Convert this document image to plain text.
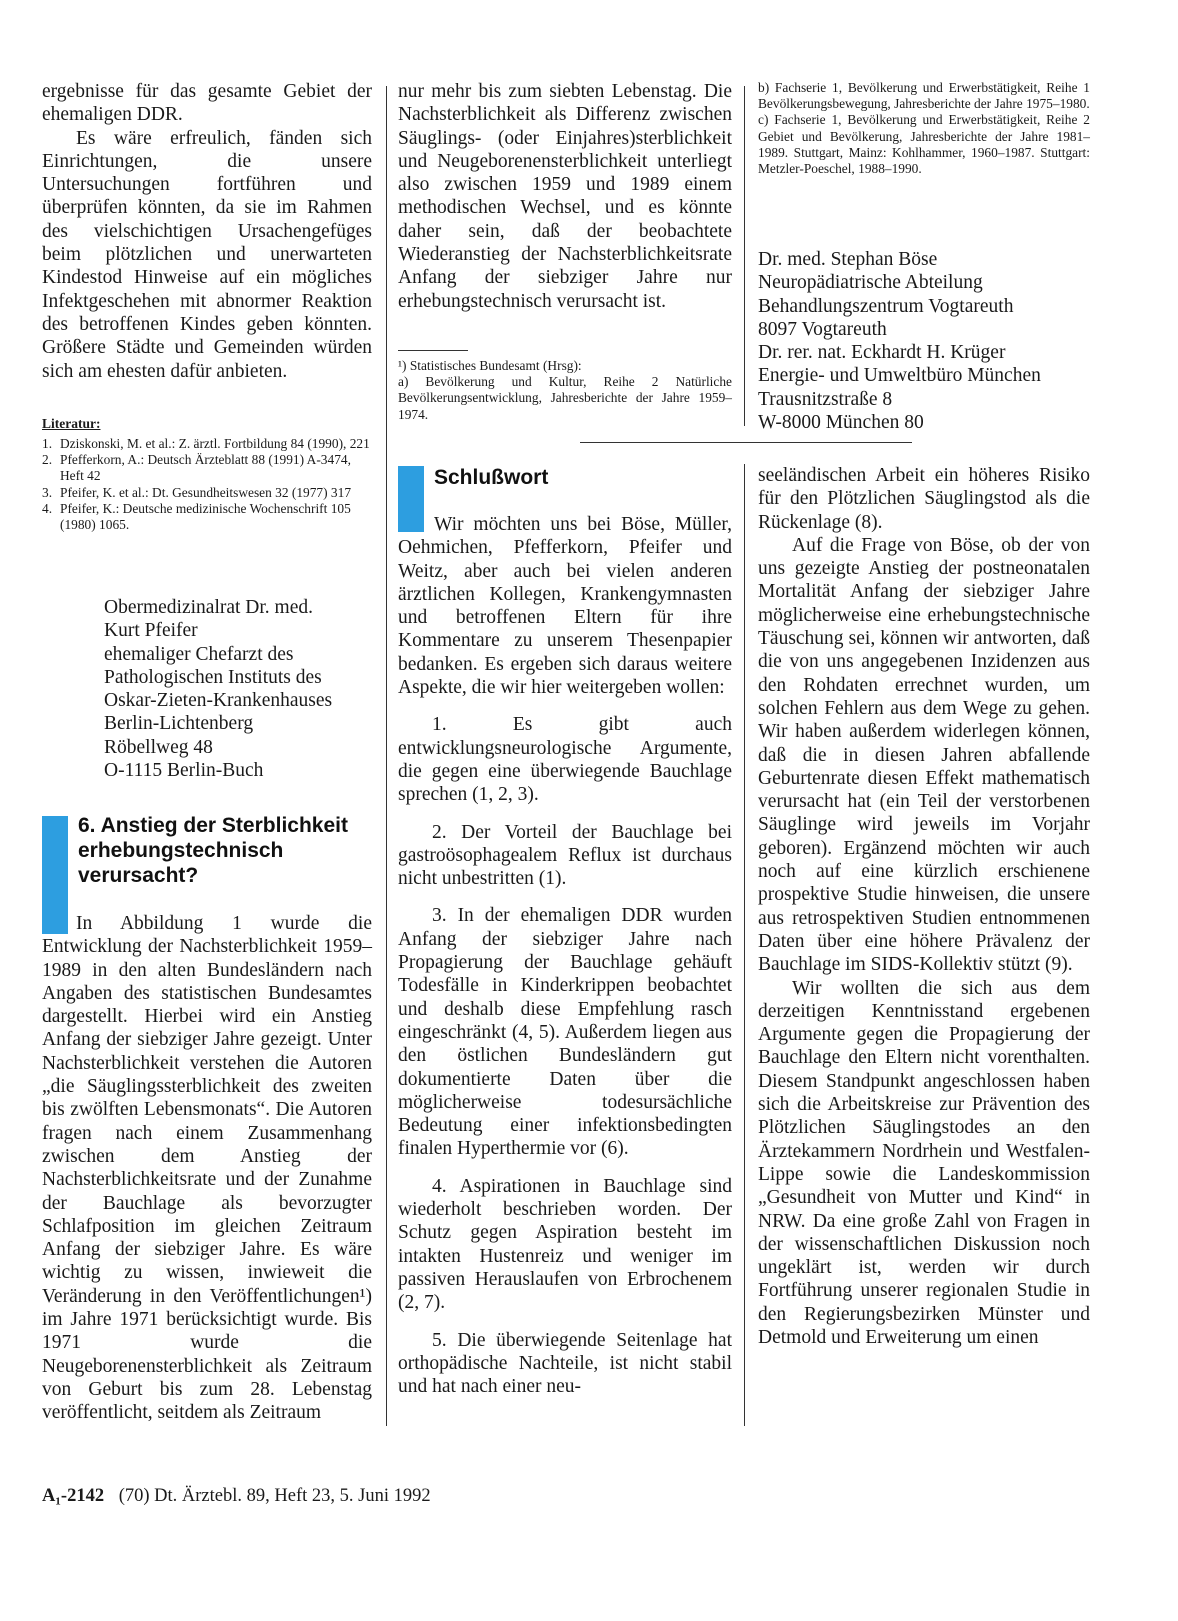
ergebnisse für das gesamte Gebiet der ehemaligen DDR.

Es wäre erfreulich, fänden sich Einrichtungen, die unsere Untersuchungen fortführen und überprüfen könnten, da sie im Rahmen des vielschichtigen Ursachengefüges beim plötzlichen und unerwarteten Kindestod Hinweise auf ein mögliches Infektgeschehen mit abnormer Reaktion des betroffenen Kindes geben könnten. Größere Städte und Gemeinden würden sich am ehesten dafür anbieten.

Literatur:
1. Dziskonski, M. et al.: Z. ärztl. Fortbildung 84 (1990), 221
2. Pfefferkorn, A.: Deutsch Ärzteblatt 88 (1991) A-3474, Heft 42
3. Pfeifer, K. et al.: Dt. Gesundheitswesen 32 (1977) 317
4. Pfeifer, K.: Deutsche medizinische Wochenschrift 105 (1980) 1065.

Obermedizinalrat Dr. med.

Kurt Pfeifer

ehemaliger Chefarzt des

Pathologischen Instituts des

Oskar-Zieten-Krankenhauses

Berlin-Lichtenberg

Röbellweg 48

O-1115 Berlin-Buch

6. Anstieg der Sterblichkeit erhebungstechnisch verursacht?

In Abbildung 1 wurde die Entwicklung der Nachsterblichkeit 1959–1989 in den alten Bundesländern nach Angaben des statistischen Bundesamtes dargestellt. Hierbei wird ein Anstieg Anfang der siebziger Jahre gezeigt. Unter Nachsterblichkeit verstehen die Autoren „die Säuglingssterblichkeit des zweiten bis zwölften Lebensmonats“. Die Autoren fragen nach einem Zusammenhang zwischen dem Anstieg der Nachsterblichkeitsrate und der Zunahme der Bauchlage als bevorzugter Schlafposition im gleichen Zeitraum Anfang der siebziger Jahre. Es wäre wichtig zu wissen, inwieweit die Veränderung in den Veröffentlichungen¹) im Jahre 1971 berücksichtigt wurde. Bis 1971 wurde die Neugeborenensterblichkeit als Zeitraum von Geburt bis zum 28. Lebenstag veröffentlicht, seitdem als Zeitraum

nur mehr bis zum siebten Lebenstag. Die Nachsterblichkeit als Differenz zwischen Säuglings- (oder Einjahres)sterblichkeit und Neugeborenensterblichkeit unterliegt also zwischen 1959 und 1989 einem methodischen Wechsel, und es könnte daher sein, daß der beobachtete Wiederanstieg der Nachsterblichkeitsrate Anfang der siebziger Jahre nur erhebungstechnisch verursacht ist.

¹) Statistisches Bundesamt (Hrsg):

a) Bevölkerung und Kultur, Reihe 2 Natürliche Bevölkerungsentwicklung, Jahresberichte der Jahre 1959–1974.

Schlußwort

Wir möchten uns bei Böse, Müller, Oehmichen, Pfefferkorn, Pfeifer und Weitz, aber auch bei vielen anderen ärztlichen Kollegen, Krankengymnasten und betroffenen Eltern für ihre Kommentare zu unserem Thesenpapier bedanken. Es ergeben sich daraus weitere Aspekte, die wir hier weitergeben wollen:

1. Es gibt auch entwicklungsneurologische Argumente, die gegen eine überwiegende Bauchlage sprechen (1, 2, 3).

2. Der Vorteil der Bauchlage bei gastroösophagealem Reflux ist durchaus nicht unbestritten (1).

3. In der ehemaligen DDR wurden Anfang der siebziger Jahre nach Propagierung der Bauchlage gehäuft Todesfälle in Kinderkrippen beobachtet und deshalb diese Empfehlung rasch eingeschränkt (4, 5). Außerdem liegen aus den östlichen Bundesländern gut dokumentierte Daten über die möglicherweise todesursächliche Bedeutung einer infektionsbedingten finalen Hyperthermie vor (6).

4. Aspirationen in Bauchlage sind wiederholt beschrieben worden. Der Schutz gegen Aspiration besteht im intakten Hustenreiz und weniger im passiven Herauslaufen von Erbrochenem (2, 7).

5. Die überwiegende Seitenlage hat orthopädische Nachteile, ist nicht stabil und hat nach einer neu-

b) Fachserie 1, Bevölkerung und Erwerbstätigkeit, Reihe 1 Bevölkerungsbewegung, Jahresberichte der Jahre 1975–1980.

c) Fachserie 1, Bevölkerung und Erwerbstätigkeit, Reihe 2 Gebiet und Bevölkerung, Jahresberichte der Jahre 1981–1989. Stuttgart, Mainz: Kohlhammer, 1960–1987. Stuttgart: Metzler-Poeschel, 1988–1990.

Dr. med. Stephan Böse

Neuropädiatrische Abteilung

Behandlungszentrum Vogtareuth

8097 Vogtareuth

Dr. rer. nat. Eckhardt H. Krüger

Energie- und Umweltbüro München

Trausnitzstraße 8

W-8000 München 80

seeländischen Arbeit ein höheres Risiko für den Plötzlichen Säuglingstod als die Rückenlage (8).

Auf die Frage von Böse, ob der von uns gezeigte Anstieg der postneonatalen Mortalität Anfang der siebziger Jahre möglicherweise eine erhebungstechnische Täuschung sei, können wir antworten, daß die von uns angegebenen Inzidenzen aus den Rohdaten errechnet wurden, um solchen Fehlern aus dem Wege zu gehen. Wir haben außerdem widerlegen können, daß die in diesen Jahren abfallende Geburtenrate diesen Effekt mathematisch verursacht hat (ein Teil der verstorbenen Säuglinge wird jeweils im Vorjahr geboren). Ergänzend möchten wir auch noch auf eine kürzlich erschienene prospektive Studie hinweisen, die unsere aus retrospektiven Studien entnommenen Daten über eine höhere Prävalenz der Bauchlage im SIDS-Kollektiv stützt (9).

Wir wollten die sich aus dem derzeitigen Kenntnisstand ergebenen Argumente gegen die Propagierung der Bauchlage den Eltern nicht vorenthalten. Diesem Standpunkt angeschlossen haben sich die Arbeitskreise zur Prävention des Plötzlichen Säuglingstodes an den Ärztekammern Nordrhein und Westfalen-Lippe sowie die Landeskommission „Gesundheit von Mutter und Kind“ in NRW. Da eine große Zahl von Fragen in der wissenschaftlichen Diskussion noch ungeklärt ist, werden wir durch Fortführung unserer regionalen Studie in den Regierungsbezirken Münster und Detmold und Erweiterung um einen

A₁-2142 (70) Dt. Ärztebl. 89, Heft 23, 5. Juni 1992
